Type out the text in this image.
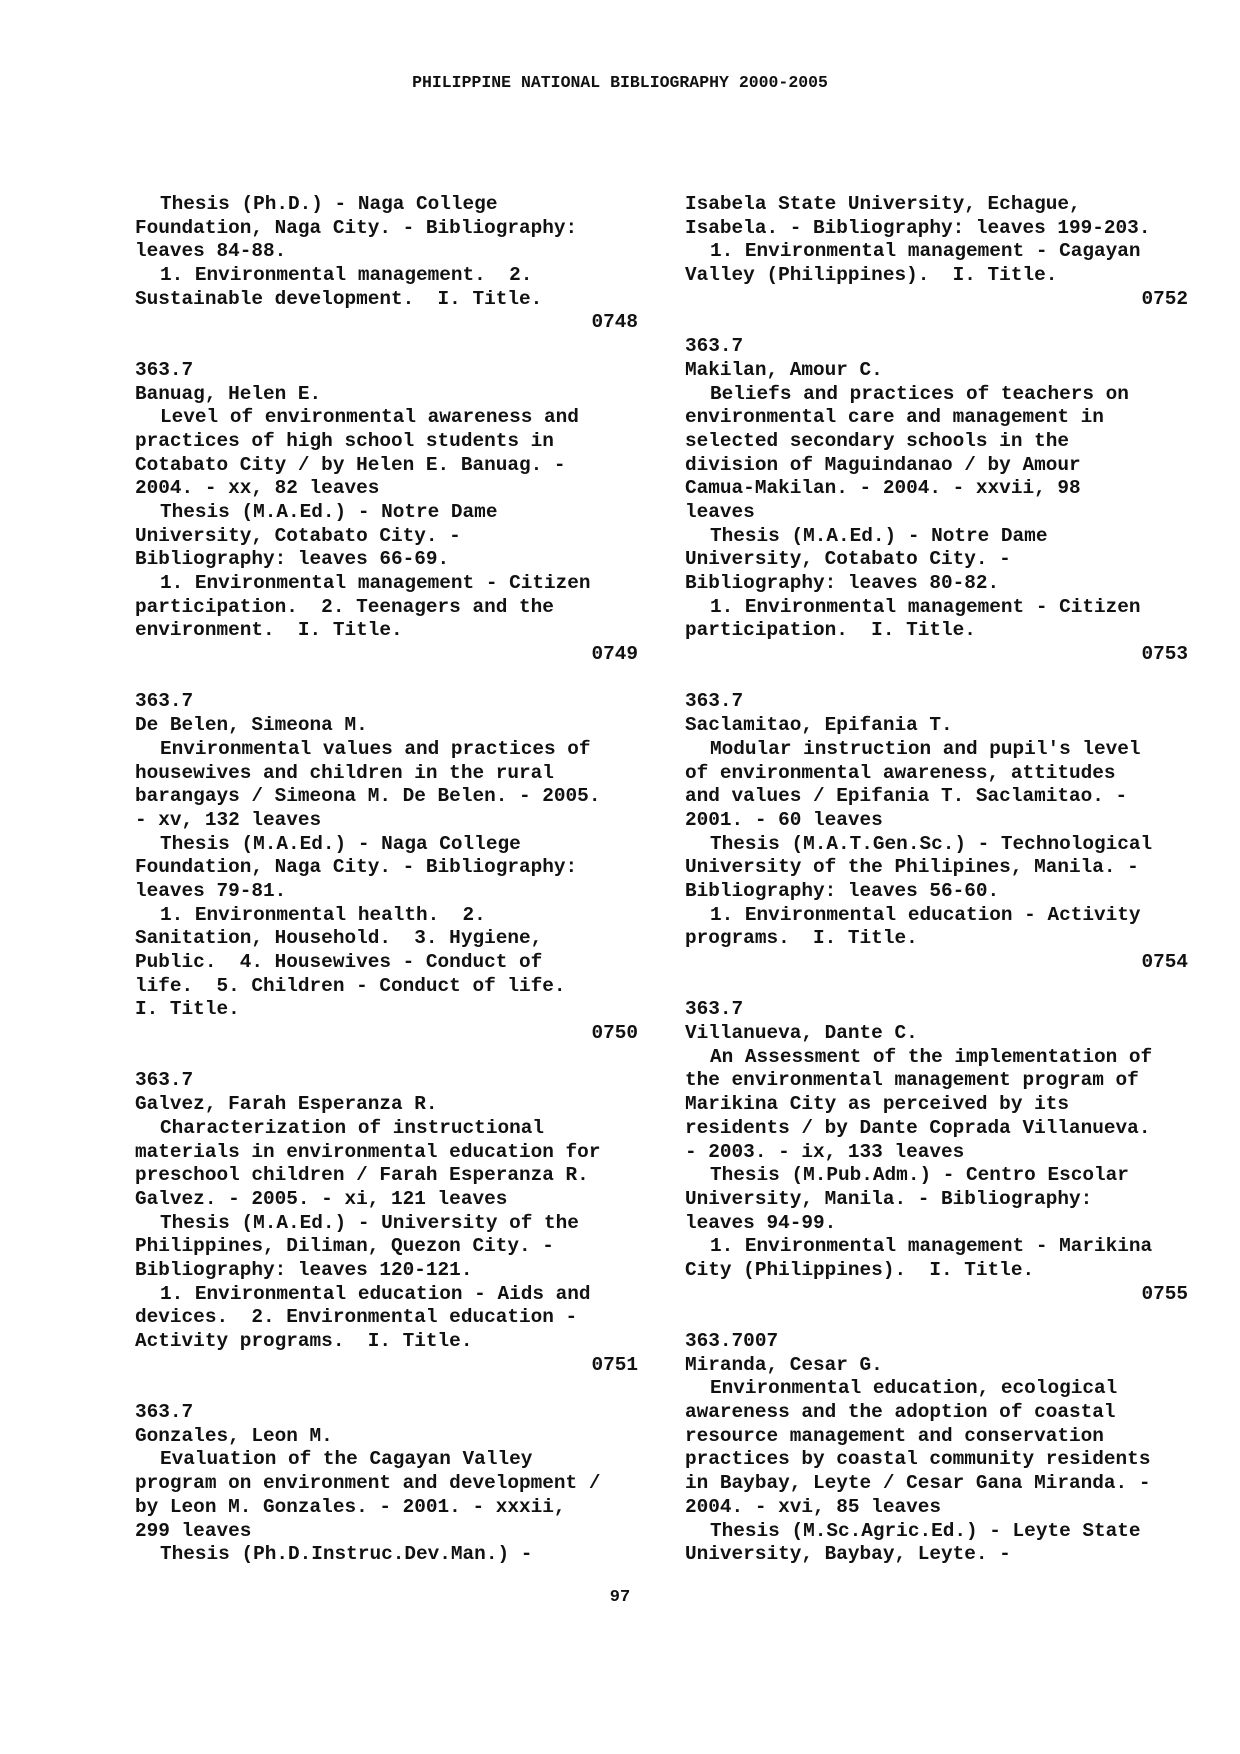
PHILIPPINE NATIONAL BIBLIOGRAPHY 2000-2005
Thesis (Ph.D.) - Naga College
Foundation, Naga City. - Bibliography:
leaves 84-88.
1. Environmental management.  2.
Sustainable development.  I. Title.
0748
363.7
Banuag, Helen E.
Level of environmental awareness and
practices of high school students in
Cotabato City / by Helen E. Banuag. -
2004. - xx, 82 leaves
Thesis (M.A.Ed.) - Notre Dame
University, Cotabato City. -
Bibliography: leaves 66-69.
1. Environmental management - Citizen
participation.  2. Teenagers and the
environment.  I. Title.
0749
363.7
De Belen, Simeona M.
Environmental values and practices of
housewives and children in the rural
barangays / Simeona M. De Belen. - 2005.
- xv, 132 leaves
Thesis (M.A.Ed.) - Naga College
Foundation, Naga City. - Bibliography:
leaves 79-81.
1. Environmental health.  2.
Sanitation, Household.  3. Hygiene,
Public.  4. Housewives - Conduct of
life.  5. Children - Conduct of life.
I. Title.
0750
363.7
Galvez, Farah Esperanza R.
Characterization of instructional
materials in environmental education for
preschool children / Farah Esperanza R.
Galvez. - 2005. - xi, 121 leaves
Thesis (M.A.Ed.) - University of the
Philippines, Diliman, Quezon City. -
Bibliography: leaves 120-121.
1. Environmental education - Aids and
devices.  2. Environmental education -
Activity programs.  I. Title.
0751
363.7
Gonzales, Leon M.
Evaluation of the Cagayan Valley
program on environment and development /
by Leon M. Gonzales. - 2001. - xxxii,
299 leaves
Thesis (Ph.D.Instruc.Dev.Man.) -
Isabela State University, Echague,
Isabela. - Bibliography: leaves 199-203.
1. Environmental management - Cagayan
Valley (Philippines).  I. Title.
0752
363.7
Makilan, Amour C.
Beliefs and practices of teachers on
environmental care and management in
selected secondary schools in the
division of Maguindanao / by Amour
Camua-Makilan. - 2004. - xxvii, 98
leaves
Thesis (M.A.Ed.) - Notre Dame
University, Cotabato City. -
Bibliography: leaves 80-82.
1. Environmental management - Citizen
participation.  I. Title.
0753
363.7
Saclamitao, Epifania T.
Modular instruction and pupil's level
of environmental awareness, attitudes
and values / Epifania T. Saclamitao. -
2001. - 60 leaves
Thesis (M.A.T.Gen.Sc.) - Technological
University of the Philipines, Manila. -
Bibliography: leaves 56-60.
1. Environmental education - Activity
programs.  I. Title.
0754
363.7
Villanueva, Dante C.
An Assessment of the implementation of
the environmental management program of
Marikina City as perceived by its
residents / by Dante Coprada Villanueva.
- 2003. - ix, 133 leaves
Thesis (M.Pub.Adm.) - Centro Escolar
University, Manila. - Bibliography:
leaves 94-99.
1. Environmental management - Marikina
City (Philippines).  I. Title.
0755
363.7007
Miranda, Cesar G.
Environmental education, ecological
awareness and the adoption of coastal
resource management and conservation
practices by coastal community residents
in Baybay, Leyte / Cesar Gana Miranda. -
2004. - xvi, 85 leaves
Thesis (M.Sc.Agric.Ed.) - Leyte State
University, Baybay, Leyte. -
97
